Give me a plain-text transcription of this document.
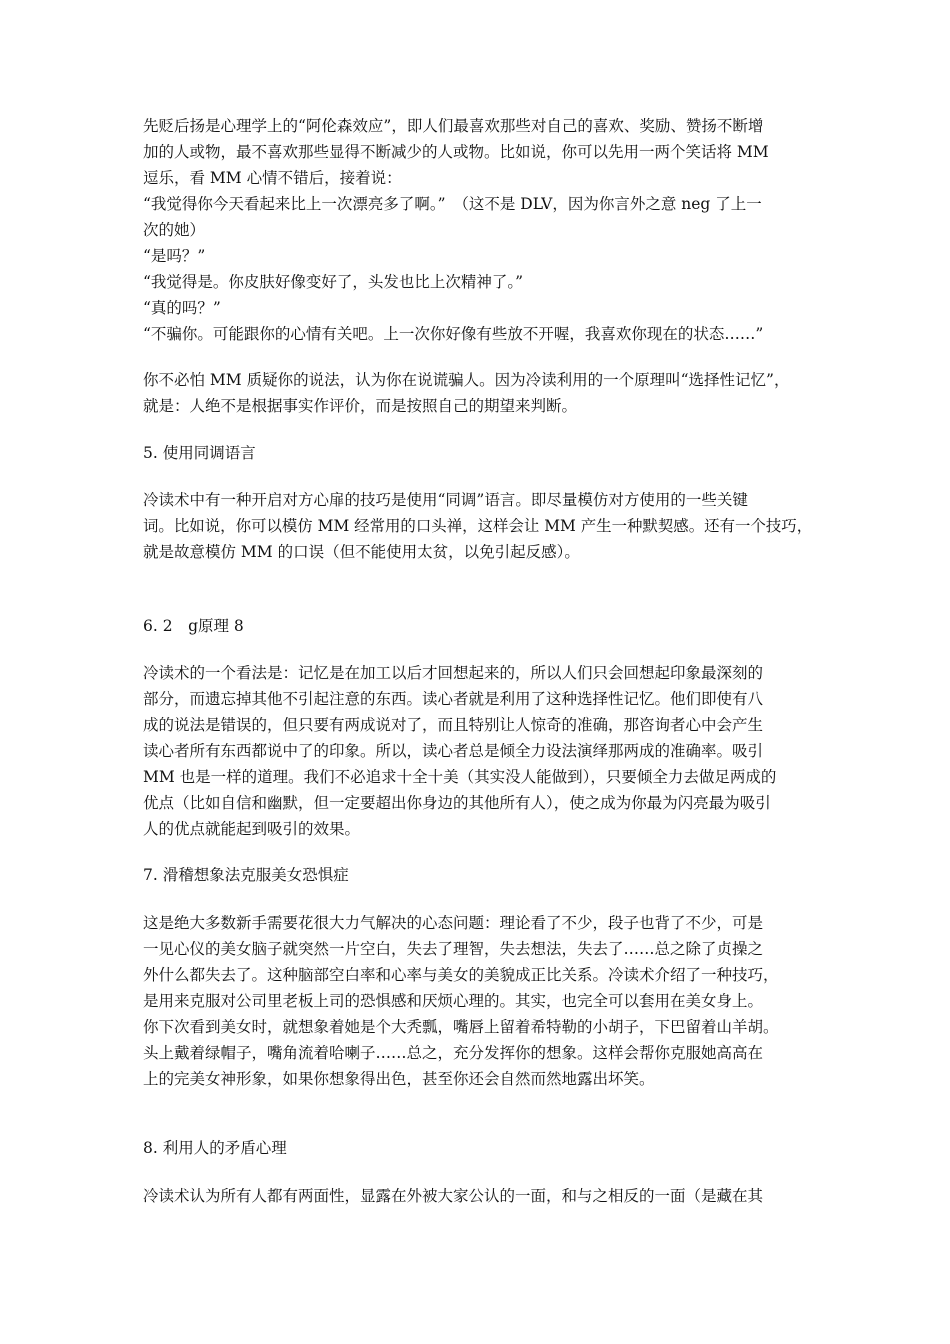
先贬后扬是心理学上的“阿伦森效应”，即人们最喜欢那些对自己的喜欢、奖励、赞扬不断增
加的人或物，最不喜欢那些显得不断减少的人或物。比如说，你可以先用一两个笑话将 MM
逗乐，看 MM 心情不错后，接着说：
“我觉得你今天看起来比上一次漂亮多了啊。”　（这不是 DLV，因为你言外之意 neg 了上一
次的她）
“是吗？”
“我觉得是。你皮肤好像变好了，头发也比上次精神了。”
“真的吗？”
“不骗你。可能跟你的心情有关吧。上一次你好像有些放不开喔，我喜欢你现在的状态……”
你不必怕 MM 质疑你的说法，认为你在说谎骗人。因为冷读利用的一个原理叫“选择性记忆”，
就是：人绝不是根据事实作评价，而是按照自己的期望来判断。
5. 使用同调语言
冷读术中有一种开启对方心扉的技巧是使用“同调”语言。即尽量模仿对方使用的一些关键
词。比如说，你可以模仿 MM 经常用的口头禅，这样会让 MM 产生一种默契感。还有一个技巧，
就是故意模仿 MM 的口误（但不能使用太贫，以免引起反感）。
6. 2　g原理 8
冷读术的一个看法是：记忆是在加工以后才回想起来的，所以人们只会回想起印象最深刻的
部分，而遗忘掉其他不引起注意的东西。读心者就是利用了这种选择性记忆。他们即使有八
成的说法是错误的，但只要有两成说对了，而且特别让人惊奇的准确，那咨询者心中会产生
读心者所有东西都说中了的印象。所以，读心者总是倾全力设法演绎那两成的准确率。吸引
MM 也是一样的道理。我们不必追求十全十美（其实没人能做到），只要倾全力去做足两成的
优点（比如自信和幽默，但一定要超出你身边的其他所有人），使之成为你最为闪亮最为吸引
人的优点就能起到吸引的效果。
7. 滑稽想象法克服美女恐惧症
这是绝大多数新手需要花很大力气解决的心态问题：理论看了不少，段子也背了不少，可是
一见心仪的美女脑子就突然一片空白，失去了理智，失去想法，失去了……总之除了贞操之
外什么都失去了。这种脑部空白率和心率与美女的美貌成正比关系。冷读术介绍了一种技巧，
是用来克服对公司里老板上司的恐惧感和厌烦心理的。其实，也完全可以套用在美女身上。
你下次看到美女时，就想象着她是个大秃瓢，嘴唇上留着希特勒的小胡子，下巴留着山羊胡。
头上戴着绿帽子，嘴角流着哈喇子……总之，充分发挥你的想象。这样会帮你克服她高高在
上的完美女神形象，如果你想象得出色，甚至你还会自然而然地露出坏笑。
8. 利用人的矛盾心理
冷读术认为所有人都有两面性，显露在外被大家公认的一面，和与之相反的一面（是藏在其
